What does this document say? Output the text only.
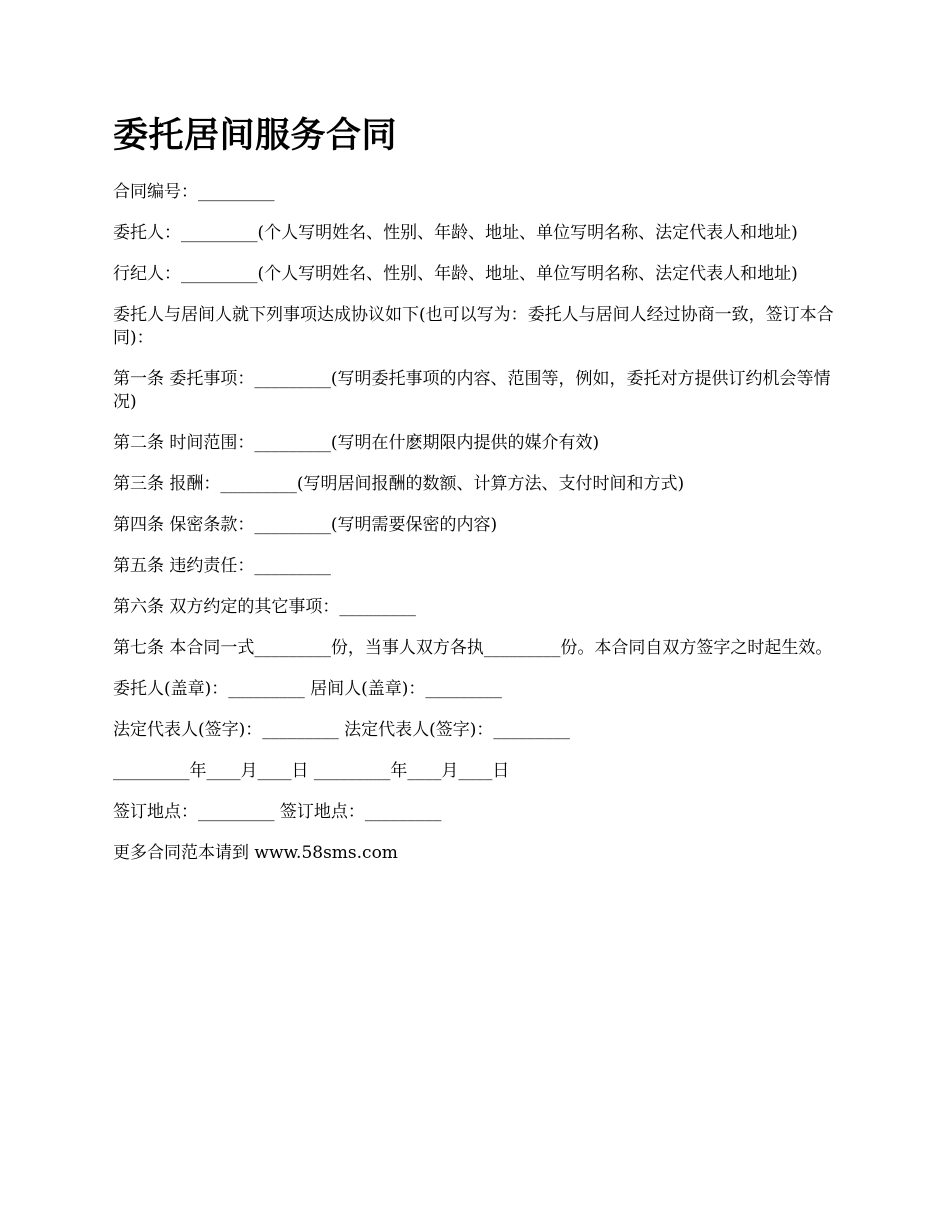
委托居间服务合同

合同编号：_________

委托人：_________(个人写明姓名、性别、年龄、地址、单位写明名称、法定代表人和地址)

行纪人：_________(个人写明姓名、性别、年龄、地址、单位写明名称、法定代表人和地址)

委托人与居间人就下列事项达成协议如下(也可以写为：委托人与居间人经过协商一致，签订本合同)：

第一条 委托事项：_________(写明委托事项的内容、范围等，例如，委托对方提供订约机会等情况)

第二条 时间范围：_________(写明在什麽期限内提供的媒介有效)

第三条 报酬：_________(写明居间报酬的数额、计算方法、支付时间和方式)

第四条 保密条款：_________(写明需要保密的内容)

第五条 违约责任：_________

第六条 双方约定的其它事项：_________

第七条 本合同一式_________份，当事人双方各执_________份。本合同自双方签字之时起生效。

委托人(盖章)：_________ 居间人(盖章)：_________

法定代表人(签字)：_________ 法定代表人(签字)：_________

_________年____月____日 _________年____月____日

签订地点：_________ 签订地点：_________

更多合同范本请到 www.58sms.com
